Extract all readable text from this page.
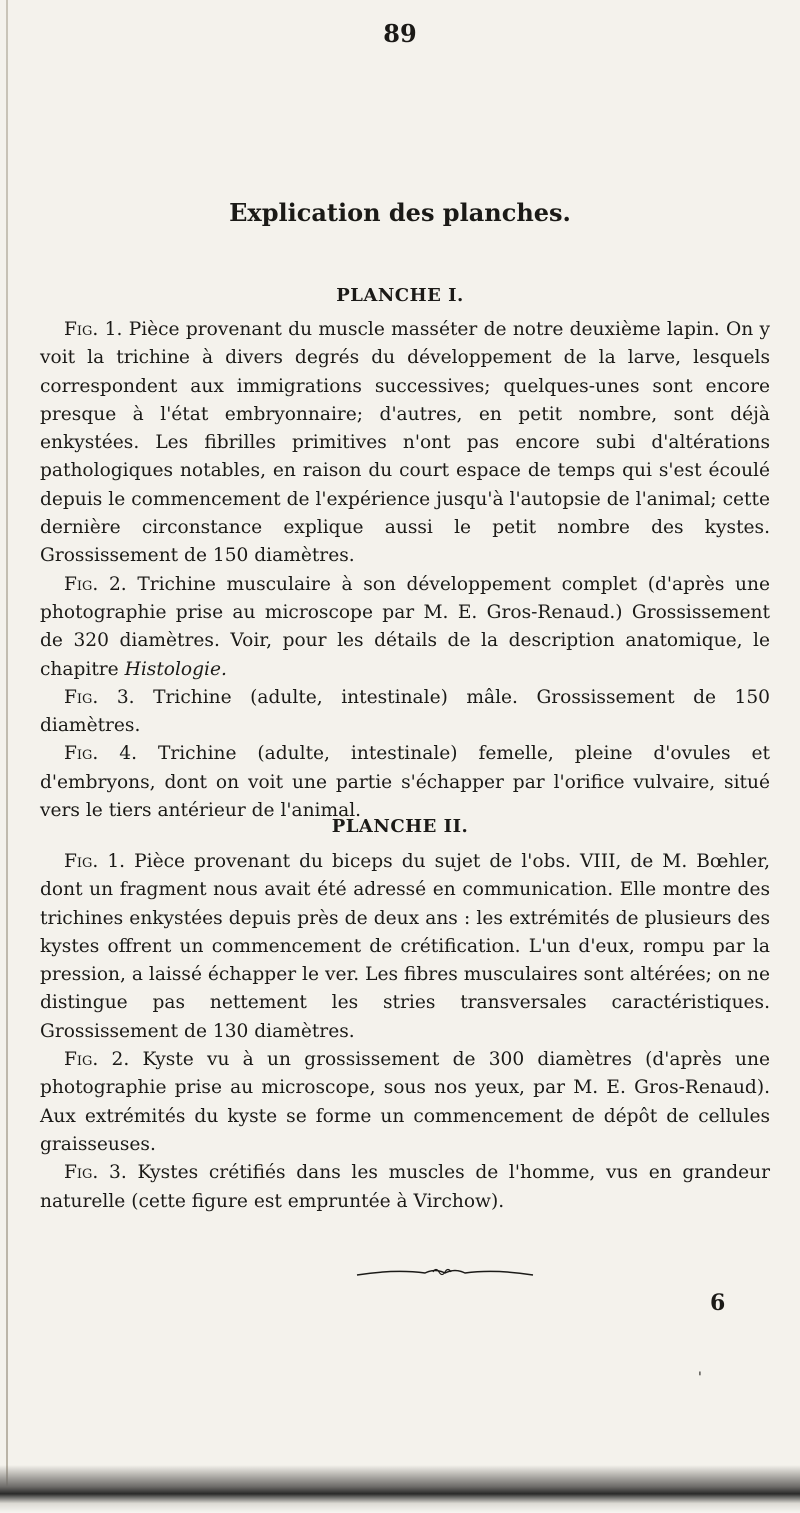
89
Explication des planches.
PLANCHE I.

Fig. 1. Pièce provenant du muscle masséter de notre deuxième lapin. On y voit la trichine à divers degrés du développement de la larve, lesquels correspondent aux immigrations successives; quelques-unes sont encore presque à l'état embryonnaire; d'autres, en petit nombre, sont déjà enkystées. Les fibrilles primitives n'ont pas encore subi d'altérations pathologiques notables, en raison du court espace de temps qui s'est écoulé depuis le commencement de l'expérience jusqu'à l'autopsie de l'animal; cette dernière circonstance explique aussi le petit nombre des kystes. Grossissement de 150 diamètres.

Fig. 2. Trichine musculaire à son développement complet (d'après une photographie prise au microscope par M. E. Gros-Renaud.) Grossissement de 320 diamètres. Voir, pour les détails de la description anatomique, le chapitre Histologie.

Fig. 3. Trichine (adulte, intestinale) mâle. Grossissement de 150 diamètres.

Fig. 4. Trichine (adulte, intestinale) femelle, pleine d'ovules et d'embryons, dont on voit une partie s'échapper par l'orifice vulvaire, situé vers le tiers antérieur de l'animal.

PLANCHE II.

Fig. 1. Pièce provenant du biceps du sujet de l'obs. VIII, de M. Bœhler, dont un fragment nous avait été adressé en communication. Elle montre des trichines enkystées depuis près de deux ans : les extrémités de plusieurs des kystes offrent un commencement de crétification. L'un d'eux, rompu par la pression, a laissé échapper le ver. Les fibres musculaires sont altérées; on ne distingue pas nettement les stries transversales caractéristiques. Grossissement de 130 diamètres.

Fig. 2. Kyste vu à un grossissement de 300 diamètres (d'après une photographie prise au microscope, sous nos yeux, par M. E. Gros-Renaud). Aux extrémités du kyste se forme un commencement de dépôt de cellules graisseuses.

Fig. 3. Kystes crétifiés dans les muscles de l'homme, vus en grandeur naturelle (cette figure est empruntée à Virchow).

6
'
